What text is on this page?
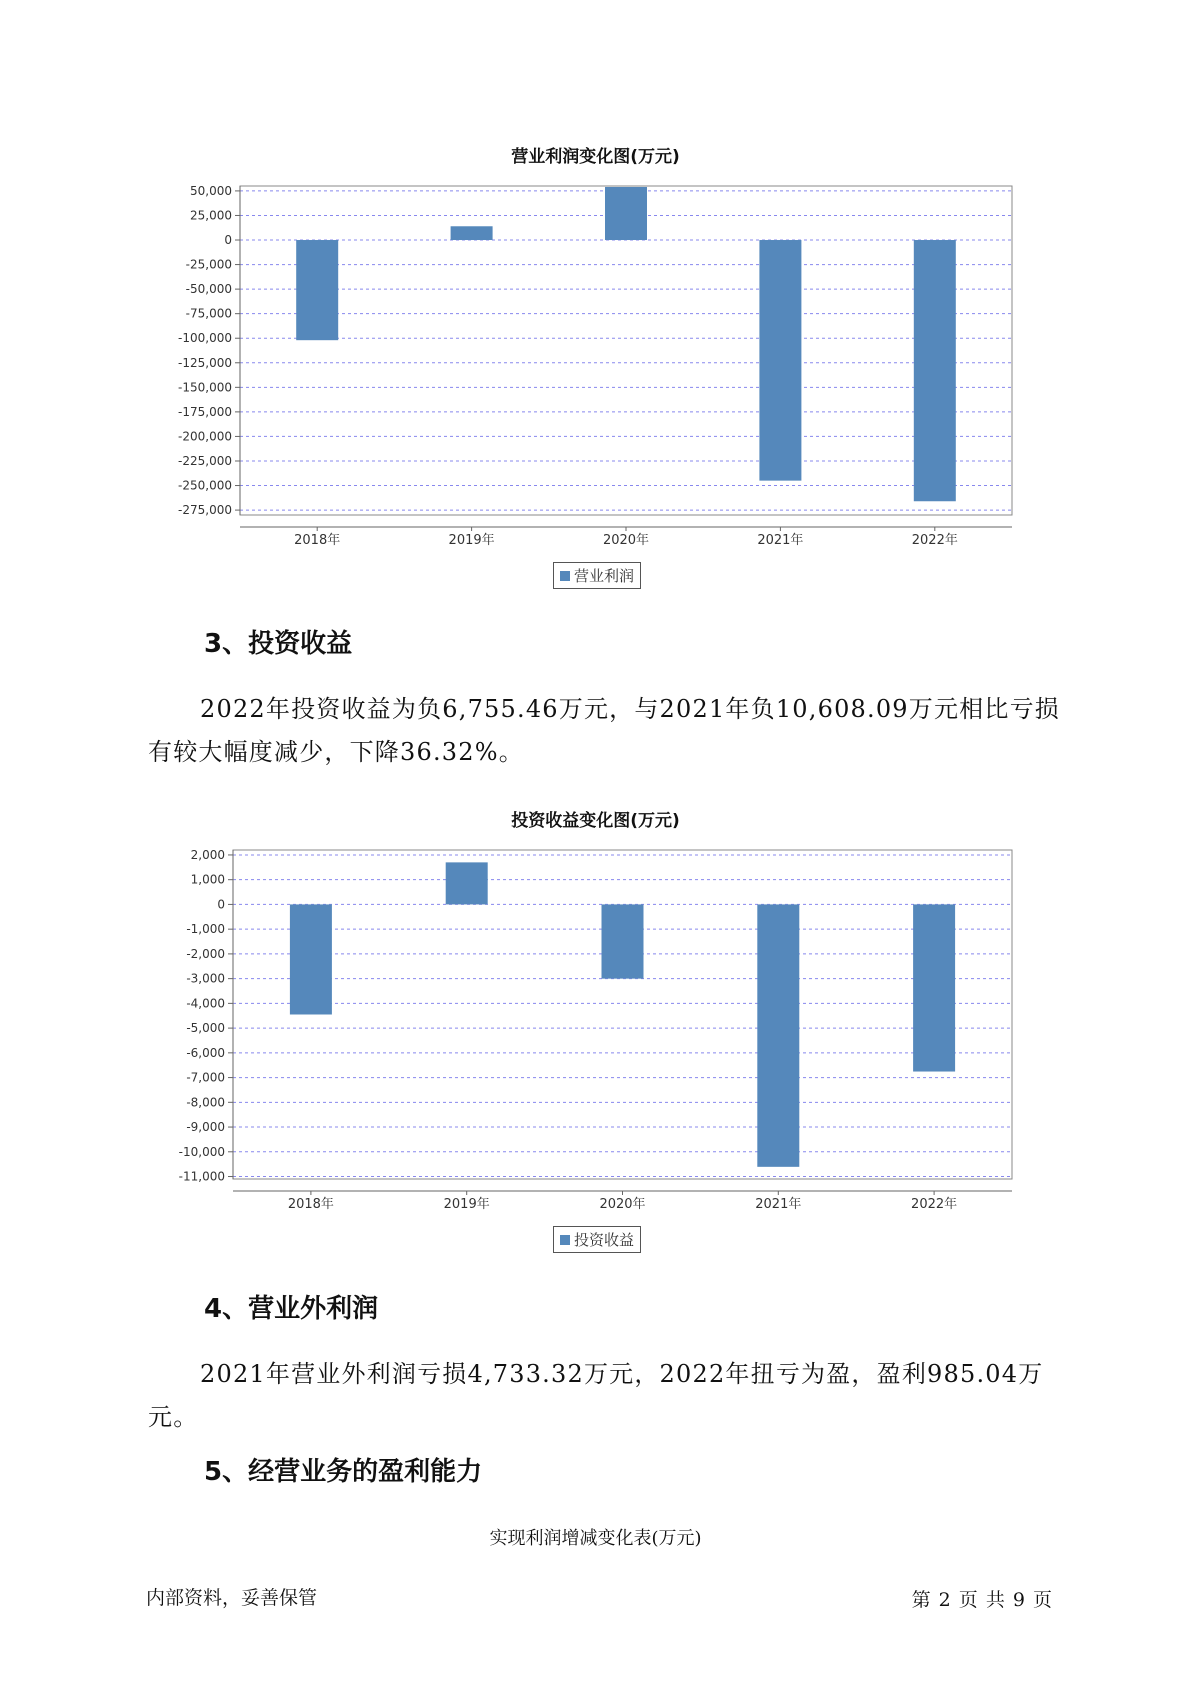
营业利润变化图(万元)
50,000
25,000
0
-25,000
-50,000
-75,000
-100,000
-125,000
-150,000
-175,000
-200,000
-225,000
-250,000
-275,000
2018年	2019年	2020年	2021年	2022年
营业利润
3、投资收益

2022年投资收益为负6,755.46万元，与2021年负10,608.09万元相比亏损有较大幅度减少，下降36.32%。

投资收益变化图(万元)
2,000
1,000
0
-1,000
-2,000
-3,000
-4,000
-5,000
-6,000
-7,000
-8,000
-9,000
-10,000
-11,000
2018年	2019年	2020年	2021年	2022年
投资收益
4、营业外利润

2021年营业外利润亏损4,733.32万元，2022年扭亏为盈，盈利985.04万元。

5、经营业务的盈利能力
实现利润增减变化表(万元)
内部资料，妥善保管	第 2 页 共 9 页
